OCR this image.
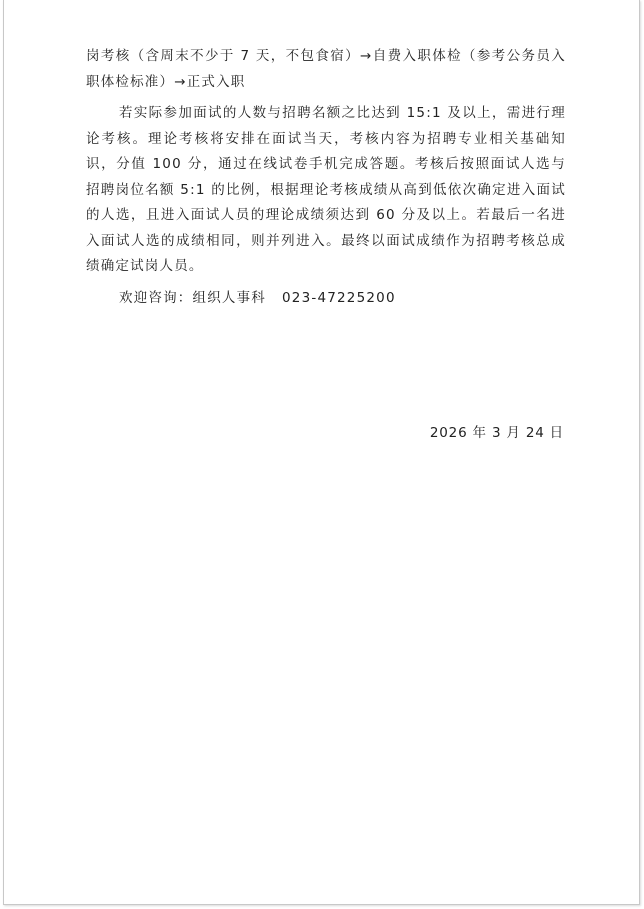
岗考核（含周末不少于 7 天，不包食宿）→自费入职体检（参考公务员入职体检标准）→正式入职

若实际参加面试的人数与招聘名额之比达到 15:1 及以上，需进行理论考核。理论考核将安排在面试当天，考核内容为招聘专业相关基础知识，分值 100 分，通过在线试卷手机完成答题。考核后按照面试人选与招聘岗位名额 5:1 的比例，根据理论考核成绩从高到低依次确定进入面试的人选，且进入面试人员的理论成绩须达到 60 分及以上。若最后一名进入面试人选的成绩相同，则并列进入。最终以面试成绩作为招聘考核总成绩确定试岗人员。

欢迎咨询：组织人事科 023-47225200

2026 年 3 月 24 日
